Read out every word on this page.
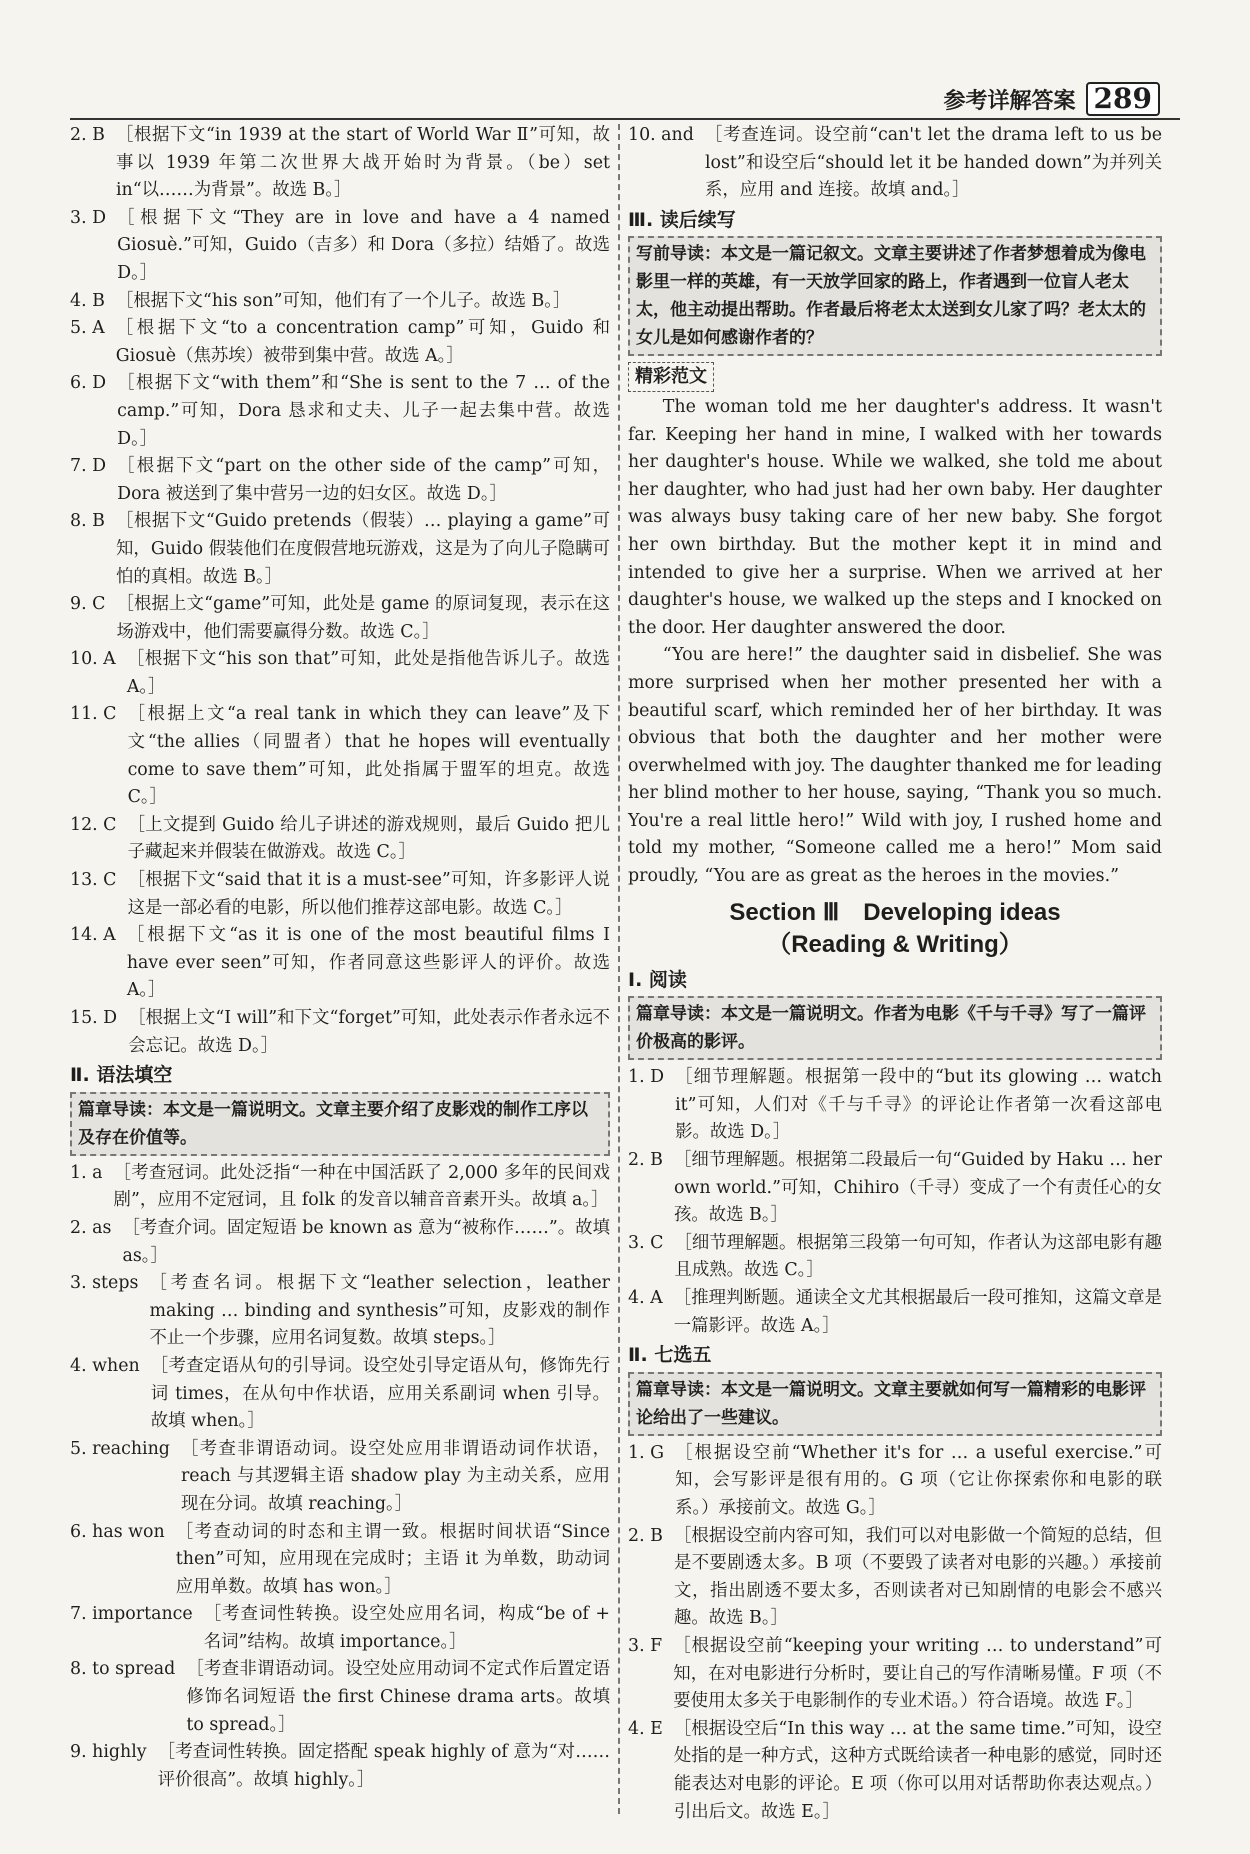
参考详解答案 289
2. B ［根据下文“in 1939 at the start of World War Ⅱ”可知，故事以 1939 年第二次世界大战开始时为背景。（be）set in“以……为背景”。故选 B。］
3. D ［根据下文“They are in love and have a 4 named Giosuè.”可知，Guido（吉多）和 Dora（多拉）结婚了。故选 D。］
4. B ［根据下文“his son”可知，他们有了一个儿子。故选 B。］
5. A ［根据下文“to a concentration camp”可知，Guido 和 Giosuè（焦苏埃）被带到集中营。故选 A。］
6. D ［根据下文“with them”和“She is sent to the 7 … of the camp.”可知，Dora 恳求和丈夫、儿子一起去集中营。故选 D。］
7. D ［根据下文“part on the other side of the camp”可知，Dora 被送到了集中营另一边的妇女区。故选 D。］
8. B ［根据下文“Guido pretends（假装）… playing a game”可知，Guido 假装他们在度假营地玩游戏，这是为了向儿子隐瞒可怕的真相。故选 B。］
9. C ［根据上文“game”可知，此处是 game 的原词复现，表示在这场游戏中，他们需要赢得分数。故选 C。］
10. A ［根据下文“his son that”可知，此处是指他告诉儿子。故选 A。］
11. C ［根据上文“a real tank in which they can leave”及下文“the allies（同盟者）that he hopes will eventually come to save them”可知，此处指属于盟军的坦克。故选 C。］
12. C ［上文提到 Guido 给儿子讲述的游戏规则，最后 Guido 把儿子藏起来并假装在做游戏。故选 C。］
13. C ［根据下文“said that it is a must-see”可知，许多影评人说这是一部必看的电影，所以他们推荐这部电影。故选 C。］
14. A ［根据下文“as it is one of the most beautiful films I have ever seen”可知，作者同意这些影评人的评价。故选 A。］
15. D ［根据上文“I will”和下文“forget”可知，此处表示作者永远不会忘记。故选 D。］
Ⅱ. 语法填空
篇章导读：本文是一篇说明文。文章主要介绍了皮影戏的制作工序以及存在价值等。
1. a ［考查冠词。此处泛指“一种在中国活跃了 2,000 多年的民间戏剧”，应用不定冠词，且 folk 的发音以辅音音素开头。故填 a。］
2. as ［考查介词。固定短语 be known as 意为“被称作……”。故填 as。］
3. steps ［考查名词。根据下文“leather selection，leather making … binding and synthesis”可知，皮影戏的制作不止一个步骤，应用名词复数。故填 steps。］
4. when ［考查定语从句的引导词。设空处引导定语从句，修饰先行词 times，在从句中作状语，应用关系副词 when 引导。故填 when。］
5. reaching ［考查非谓语动词。设空处应用非谓语动词作状语，reach 与其逻辑主语 shadow play 为主动关系，应用现在分词。故填 reaching。］
6. has won ［考查动词的时态和主谓一致。根据时间状语“Since then”可知，应用现在完成时；主语 it 为单数，助动词应用单数。故填 has won。］
7. importance ［考查词性转换。设空处应用名词，构成“be of + 名词”结构。故填 importance。］
8. to spread ［考查非谓语动词。设空处应用动词不定式作后置定语修饰名词短语 the first Chinese drama arts。故填 to spread。］
9. highly ［考查词性转换。固定搭配 speak highly of 意为“对……评价很高”。故填 highly。］
10. and ［考查连词。设空前“can't let the drama left to us be lost”和设空后“should let it be handed down”为并列关系，应用 and 连接。故填 and。］
Ⅲ. 读后续写
写前导读：本文是一篇记叙文。文章主要讲述了作者梦想着成为像电影里一样的英雄，有一天放学回家的路上，作者遇到一位盲人老太太，他主动提出帮助。作者最后将老太太送到女儿家了吗？老太太的女儿是如何感谢作者的？
精彩范文
The woman told me her daughter's address. It wasn't far. Keeping her hand in mine, I walked with her towards her daughter's house. While we walked, she told me about her daughter, who had just had her own baby. Her daughter was always busy taking care of her new baby. She forgot her own birthday. But the mother kept it in mind and intended to give her a surprise. When we arrived at her daughter's house, we walked up the steps and I knocked on the door. Her daughter answered the door.
“You are here!” the daughter said in disbelief. She was more surprised when her mother presented her with a beautiful scarf, which reminded her of her birthday. It was obvious that both the daughter and her mother were overwhelmed with joy. The daughter thanked me for leading her blind mother to her house, saying, “Thank you so much. You're a real little hero!” Wild with joy, I rushed home and told my mother, “Someone called me a hero!” Mom said proudly, “You are as great as the heroes in the movies.”
Section Ⅲ　Developing ideas
（Reading & Writing）
Ⅰ. 阅读
篇章导读：本文是一篇说明文。作者为电影《千与千寻》写了一篇评价极高的影评。
1. D ［细节理解题。根据第一段中的“but its glowing … watch it”可知，人们对《千与千寻》的评论让作者第一次看这部电影。故选 D。］
2. B ［细节理解题。根据第二段最后一句“Guided by Haku … her own world.”可知，Chihiro（千寻）变成了一个有责任心的女孩。故选 B。］
3. C ［细节理解题。根据第三段第一句可知，作者认为这部电影有趣且成熟。故选 C。］
4. A ［推理判断题。通读全文尤其根据最后一段可推知，这篇文章是一篇影评。故选 A。］
Ⅱ. 七选五
篇章导读：本文是一篇说明文。文章主要就如何写一篇精彩的电影评论给出了一些建议。
1. G ［根据设空前“Whether it's for … a useful exercise.”可知，会写影评是很有用的。G 项（它让你探索你和电影的联系。）承接前文。故选 G。］
2. B ［根据设空前内容可知，我们可以对电影做一个简短的总结，但是不要剧透太多。B 项（不要毁了读者对电影的兴趣。）承接前文，指出剧透不要太多，否则读者对已知剧情的电影会不感兴趣。故选 B。］
3. F ［根据设空前“keeping your writing … to understand”可知，在对电影进行分析时，要让自己的写作清晰易懂。F 项（不要使用太多关于电影制作的专业术语。）符合语境。故选 F。］
4. E ［根据设空后“In this way … at the same time.”可知，设空处指的是一种方式，这种方式既给读者一种电影的感觉，同时还能表达对电影的评论。E 项（你可以用对话帮助你表达观点。）引出后文。故选 E。］
